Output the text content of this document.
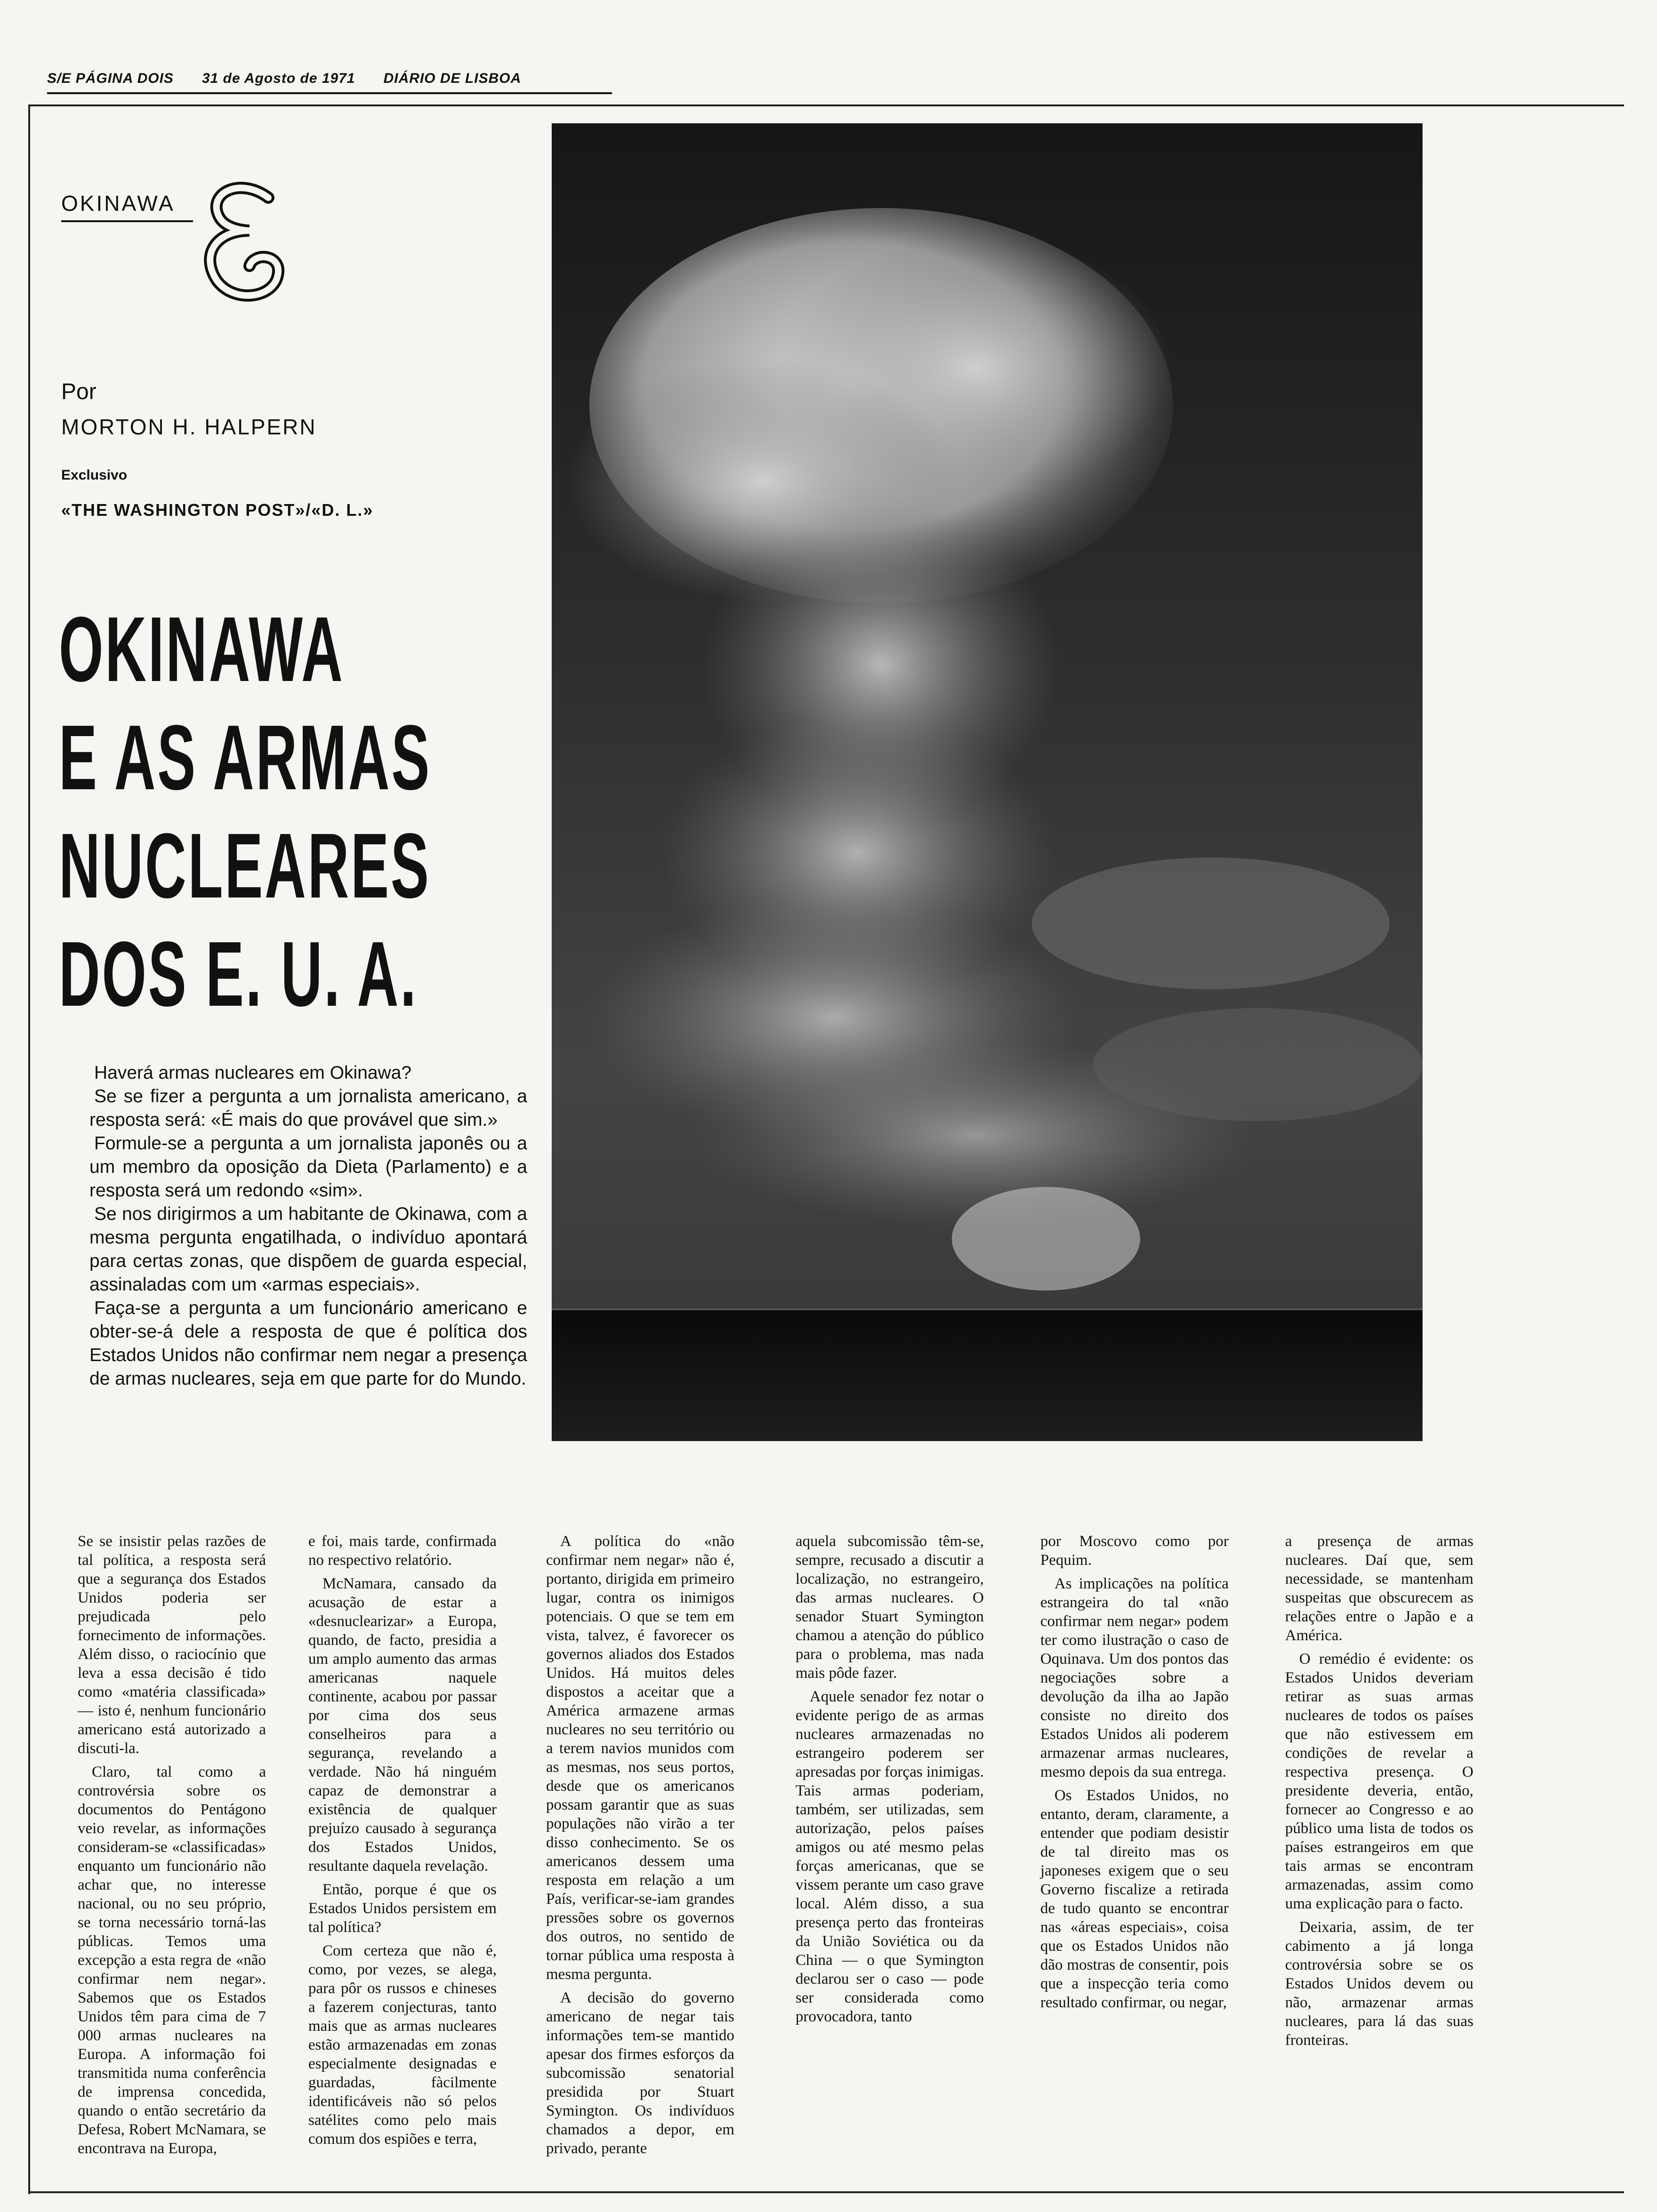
S/E PÁGINA DOIS 31 de Agosto de 1971 DIÁRIO DE LISBOA
OKINAWA
Por
MORTON H. HALPERN
Exclusivo
«THE WASHINGTON POST»/«D. L.»
OKINAWA
E AS ARMAS
NUCLEARES
DOS E. U. A.

Haverá armas nucleares em Okinawa?

Se se fizer a pergunta a um jornalista americano, a resposta será: «É mais do que provável que sim.»

Formule-se a pergunta a um jornalista japonês ou a um membro da oposição da Dieta (Parlamento) e a resposta será um redondo «sim».

Se nos dirigirmos a um habitante de Okinawa, com a mesma pergunta engatilhada, o indivíduo apontará para certas zonas, que dispõem de guarda especial, assinaladas com um «armas especiais».

Faça-se a pergunta a um funcionário americano e obter-se-á dele a resposta de que é política dos Estados Unidos não confirmar nem negar a presença de armas nucleares, seja em que parte for do Mundo.

Se se insistir pelas razões de tal política, a resposta será que a segurança dos Estados Unidos poderia ser prejudicada pelo fornecimento de informações. Além disso, o raciocínio que leva a essa decisão é tido como «matéria classificada» — isto é, nenhum funcionário americano está autorizado a discuti-la.

Claro, tal como a controvérsia sobre os documentos do Pentágono veio revelar, as informações consideram-se «classificadas» enquanto um funcionário não achar que, no interesse nacional, ou no seu próprio, se torna necessário torná-las públicas. Temos uma excepção a esta regra de «não confirmar nem negar». Sabemos que os Estados Unidos têm para cima de 7 000 armas nucleares na Europa. A informação foi transmitida numa conferência de imprensa concedida, quando o então secretário da Defesa, Robert McNamara, se encontrava na Europa,

e foi, mais tarde, confirmada no respectivo relatório.

McNamara, cansado da acusação de estar a «desnuclearizar» a Europa, quando, de facto, presidia a um amplo aumento das armas americanas naquele continente, acabou por passar por cima dos seus conselheiros para a segurança, revelando a verdade. Não há ninguém capaz de demonstrar a existência de qualquer prejuízo causado à segurança dos Estados Unidos, resultante daquela revelação.

Então, porque é que os Estados Unidos persistem em tal política?

Com certeza que não é, como, por vezes, se alega, para pôr os russos e chineses a fazerem conjecturas, tanto mais que as armas nucleares estão armazenadas em zonas especialmente designadas e guardadas, fàcilmente identificáveis não só pelos satélites como pelo mais comum dos espiões e terra,

A política do «não confirmar nem negar» não é, portanto, dirigida em primeiro lugar, contra os inimigos potenciais. O que se tem em vista, talvez, é favorecer os governos aliados dos Estados Unidos. Há muitos deles dispostos a aceitar que a América armazene armas nucleares no seu território ou a terem navios munidos com as mesmas, nos seus portos, desde que os americanos possam garantir que as suas populações não virão a ter disso conhecimento. Se os americanos dessem uma resposta em relação a um País, verificar-se-iam grandes pressões sobre os governos dos outros, no sentido de tornar pública uma resposta à mesma pergunta.

A decisão do governo americano de negar tais informações tem-se mantido apesar dos firmes esforços da subcomissão senatorial presidida por Stuart Symington. Os indivíduos chamados a depor, em privado, perante

aquela subcomissão têm-se, sempre, recusado a discutir a localização, no estrangeiro, das armas nucleares. O senador Stuart Symington chamou a atenção do público para o problema, mas nada mais pôde fazer.

Aquele senador fez notar o evidente perigo de as armas nucleares armazenadas no estrangeiro poderem ser apresadas por forças inimigas. Tais armas poderiam, também, ser utilizadas, sem autorização, pelos países amigos ou até mesmo pelas forças americanas, que se vissem perante um caso grave local. Além disso, a sua presença perto das fronteiras da União Soviética ou da China — o que Symington declarou ser o caso — pode ser considerada como provocadora, tanto

por Moscovo como por Pequim.

As implicações na política estrangeira do tal «não confirmar nem negar» podem ter como ilustração o caso de Oquinava. Um dos pontos das negociações sobre a devolução da ilha ao Japão consiste no direito dos Estados Unidos ali poderem armazenar armas nucleares, mesmo depois da sua entrega.

Os Estados Unidos, no entanto, deram, claramente, a entender que podiam desistir de tal direito mas os japoneses exigem que o seu Governo fiscalize a retirada de tudo quanto se encontrar nas «áreas especiais», coisa que os Estados Unidos não dão mostras de consentir, pois que a inspecção teria como resultado confirmar, ou negar,

a presença de armas nucleares. Daí que, sem necessidade, se mantenham suspeitas que obscurecem as relações entre o Japão e a América.

O remédio é evidente: os Estados Unidos deveriam retirar as suas armas nucleares de todos os países que não estivessem em condições de revelar a respectiva presença. O presidente deveria, então, fornecer ao Congresso e ao público uma lista de todos os países estrangeiros em que tais armas se encontram armazenadas, assim como uma explicação para o facto.

Deixaria, assim, de ter cabimento a já longa controvérsia sobre se os Estados Unidos devem ou não, armazenar armas nucleares, para lá das suas fronteiras.
